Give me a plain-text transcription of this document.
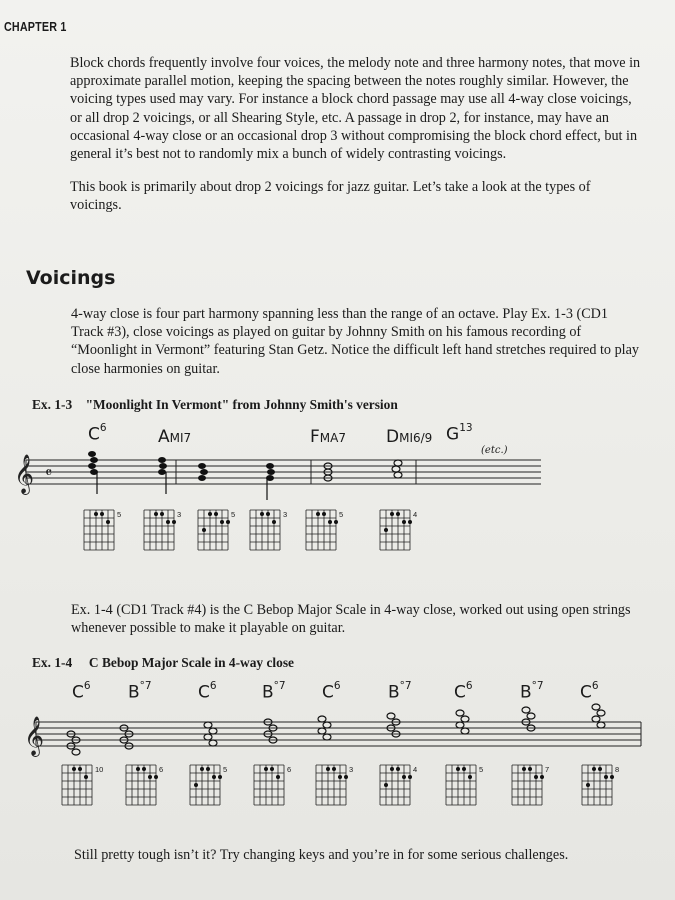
CHAPTER 1

Block chords frequently involve four voices, the melody note and three harmony notes, that move in approximate parallel motion, keeping the spacing between the notes roughly similar. However, the voicing types used may vary. For instance a block chord passage may use all 4-way close voicings, or all drop 2 voicings, or all Shearing Style, etc. A passage in drop 2, for instance, may have an occasional 4-way close or an occasional drop 3 without compromising the block chord effect, but in general it’s best not to randomly mix a bunch of widely contrasting voicings.

This book is primarily about drop 2 voicings for jazz guitar. Let’s take a look at the types of voicings.

Voicings

4-way close is four part harmony spanning less than the range of an octave. Play Ex. 1-3 (CD1 Track #3), close voicings as played on guitar by Johnny Smith on his famous recording of “Moonlight in Vermont” featuring Stan Getz. Notice the difficult left hand stretches required to play close harmonies on guitar.

Ex. 1-3 "Moonlight In Vermont" from Johnny Smith's version
$C^6$	AMI7	FMA7 DMI6/9 $G^{13}$
(etc.)
𝄞 𝄴
5	3	5	3	5	4

Ex. 1-4 (CD1 Track #4) is the C Bebop Major Scale in 4-way close, worked out using open strings whenever possible to make it playable on guitar.

Ex. 1-4 C Bebop Major Scale in 4-way close
$C^6$ $B^{^\circ 7}$	$C^6$	$B^{^\circ 7}$ $C^6$	$B^{^\circ 7}$ $C^6$	$B^{^\circ 7}$ $C^6$
𝄞
10	6	5	6	3	4	5	7	8

Still pretty tough isn’t it? Try changing keys and you’re in for some serious challenges.
